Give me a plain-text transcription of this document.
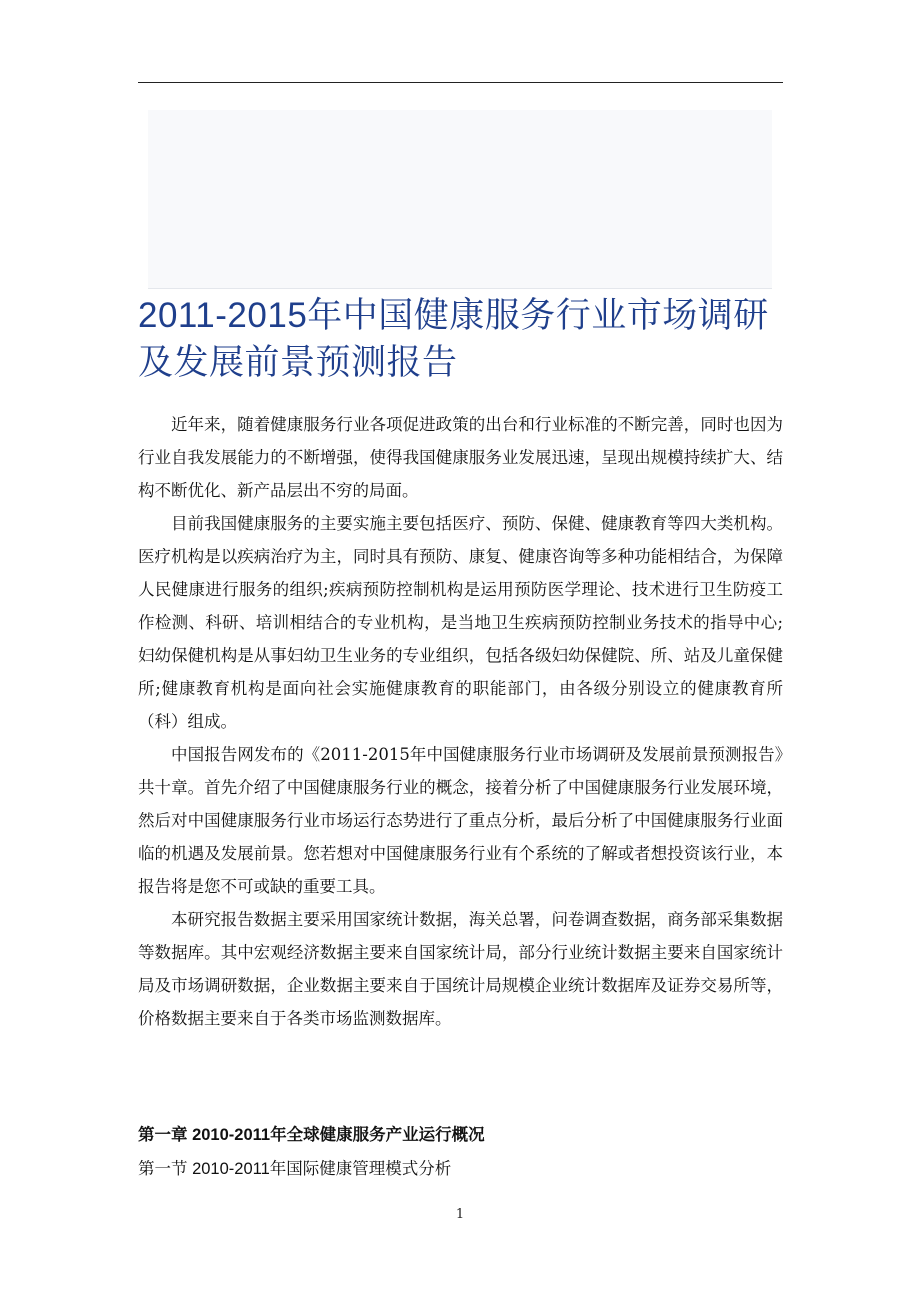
2011-2015年中国健康服务行业市场调研及发展前景预测报告

近年来，随着健康服务行业各项促进政策的出台和行业标准的不断完善，同时也因为行业自我发展能力的不断增强，使得我国健康服务业发展迅速，呈现出规模持续扩大、结构不断优化、新产品层出不穷的局面。

目前我国健康服务的主要实施主要包括医疗、预防、保健、健康教育等四大类机构。医疗机构是以疾病治疗为主，同时具有预防、康复、健康咨询等多种功能相结合，为保障人民健康进行服务的组织;疾病预防控制机构是运用预防医学理论、技术进行卫生防疫工作检测、科研、培训相结合的专业机构，是当地卫生疾病预防控制业务技术的指导中心;妇幼保健机构是从事妇幼卫生业务的专业组织，包括各级妇幼保健院、所、站及儿童保健所;健康教育机构是面向社会实施健康教育的职能部门，由各级分别设立的健康教育所（科）组成。

中国报告网发布的《2011-2015年中国健康服务行业市场调研及发展前景预测报告》共十章。首先介绍了中国健康服务行业的概念，接着分析了中国健康服务行业发展环境，然后对中国健康服务行业市场运行态势进行了重点分析，最后分析了中国健康服务行业面临的机遇及发展前景。您若想对中国健康服务行业有个系统的了解或者想投资该行业，本报告将是您不可或缺的重要工具。

本研究报告数据主要采用国家统计数据，海关总署，问卷调查数据，商务部采集数据等数据库。其中宏观经济数据主要来自国家统计局，部分行业统计数据主要来自国家统计局及市场调研数据，企业数据主要来自于国统计局规模企业统计数据库及证券交易所等，价格数据主要来自于各类市场监测数据库。

第一章 2010-2011年全球健康服务产业运行概况
第一节 2010-2011年国际健康管理模式分析
1
